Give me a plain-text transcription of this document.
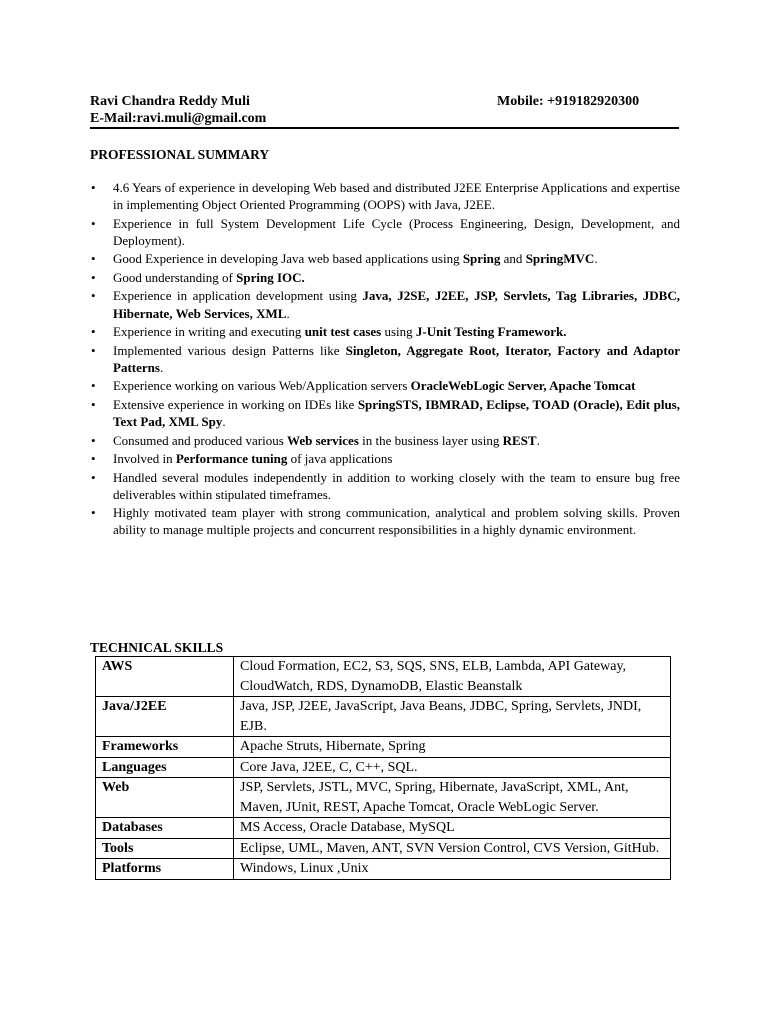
Ravi Chandra Reddy Muli	Mobile: +919182920300
E-Mail:ravi.muli@gmail.com
PROFESSIONAL SUMMARY
• 4.6 Years of experience in developing Web based and distributed J2EE Enterprise Applications and expertise in implementing Object Oriented Programming (OOPS) with Java, J2EE.
• Experience in full System Development Life Cycle (Process Engineering, Design, Development, and Deployment).
• Good Experience in developing Java web based applications using Spring and SpringMVC.
• Good understanding of Spring IOC.
• Experience in application development using Java, J2SE, J2EE, JSP, Servlets, Tag Libraries, JDBC, Hibernate, Web Services, XML.
• Experience in writing and executing unit test cases using J-Unit Testing Framework.
• Implemented various design Patterns like Singleton, Aggregate Root, Iterator, Factory and Adaptor Patterns.
• Experience working on various Web/Application servers OracleWebLogic Server, Apache Tomcat
• Extensive experience in working on IDEs like SpringSTS, IBMRAD, Eclipse, TOAD (Oracle), Edit plus, Text Pad, XML Spy.
• Consumed and produced various Web services in the business layer using REST.
• Involved in Performance tuning of java applications
• Handled several modules independently in addition to working closely with the team to ensure bug free deliverables within stipulated timeframes.
• Highly motivated team player with strong communication, analytical and problem solving skills. Proven ability to manage multiple projects and concurrent responsibilities in a highly dynamic environment.
TECHNICAL SKILLS
AWS	Cloud Formation, EC2, S3, SQS, SNS, ELB, Lambda, API Gateway, CloudWatch, RDS, DynamoDB, Elastic Beanstalk
Java/J2EE	Java, JSP, J2EE, JavaScript, Java Beans, JDBC, Spring, Servlets, JNDI, EJB.
Frameworks	Apache Struts, Hibernate, Spring
Languages	Core Java, J2EE, C, C++, SQL.
Web	JSP, Servlets, JSTL, MVC, Spring, Hibernate, JavaScript, XML, Ant, Maven, JUnit, REST, Apache Tomcat, Oracle WebLogic Server.
Databases	MS Access, Oracle Database, MySQL
Tools	Eclipse, UML, Maven, ANT, SVN Version Control, CVS Version, GitHub.
Platforms	Windows, Linux ,Unix
